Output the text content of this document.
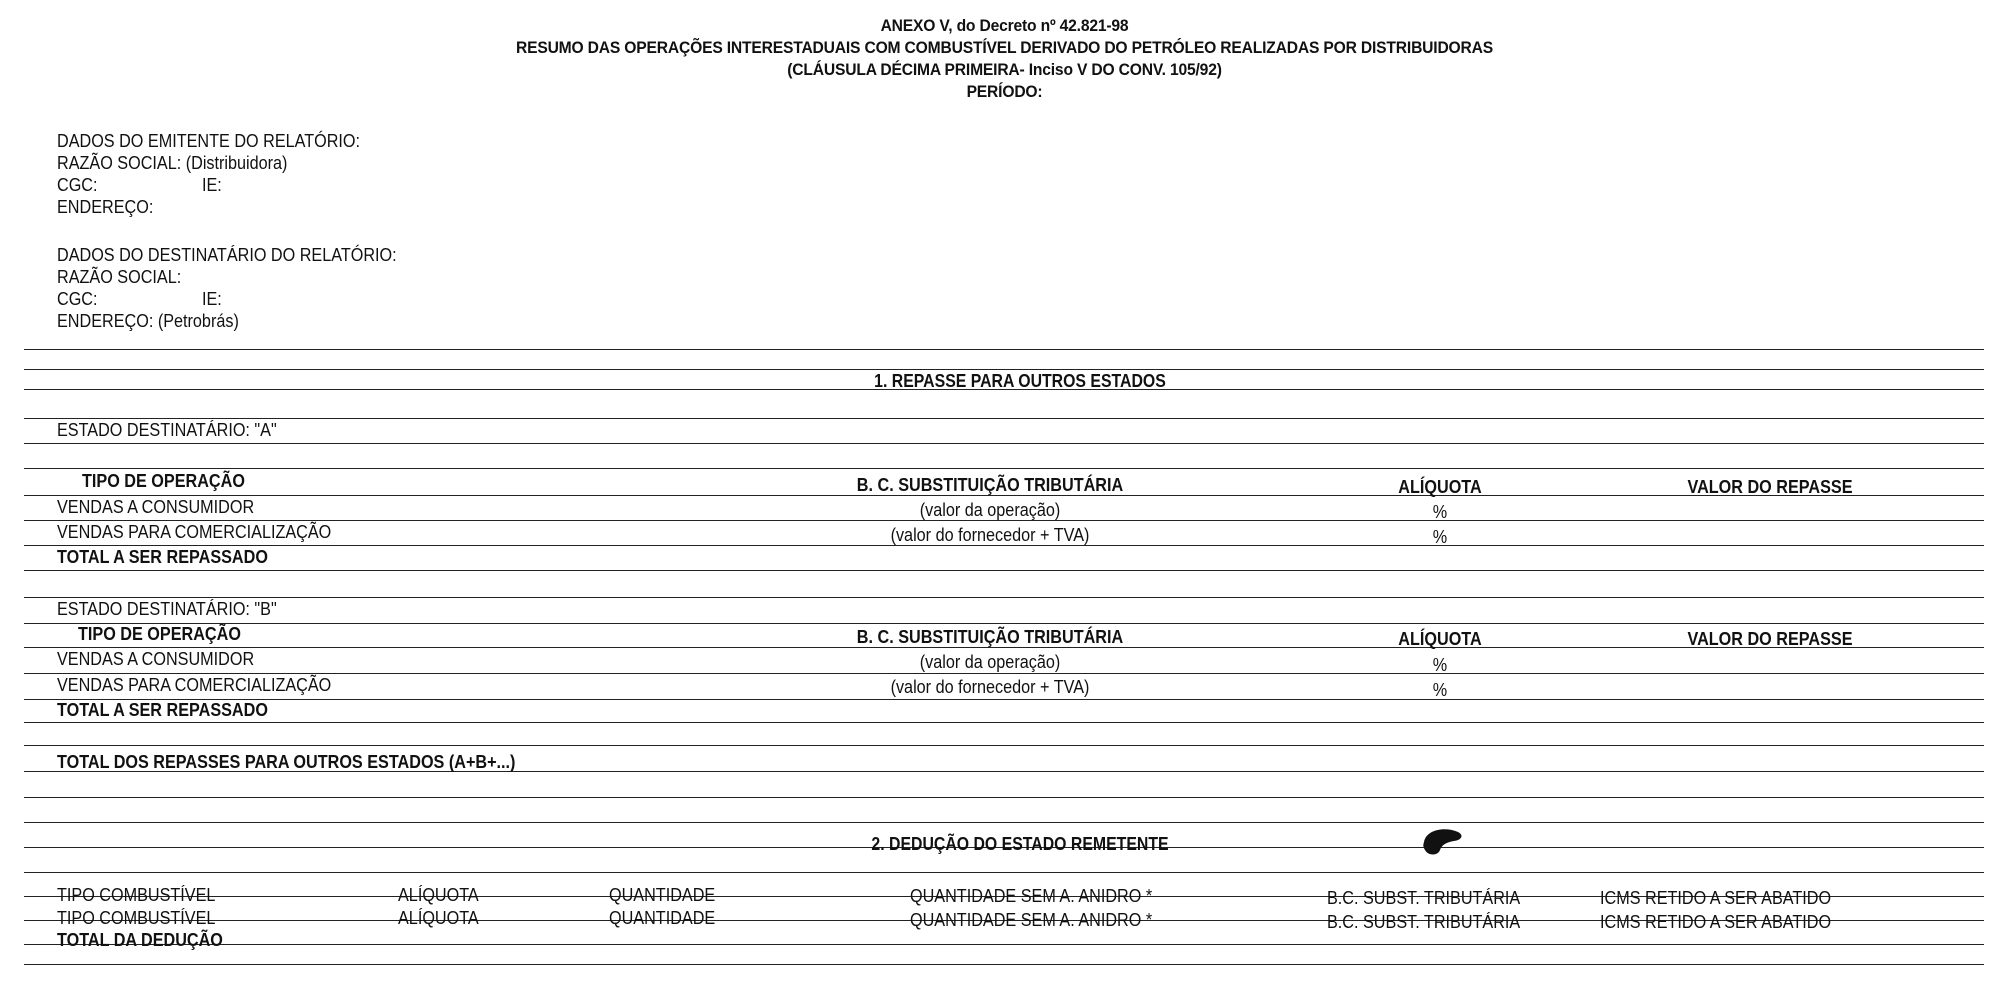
ANEXO V, do Decreto nº 42.821-98
RESUMO DAS OPERAÇÕES INTERESTADUAIS COM COMBUSTÍVEL DERIVADO DO PETRÓLEO REALIZADAS POR DISTRIBUIDORAS
(CLÁUSULA DÉCIMA PRIMEIRA- Inciso V DO CONV. 105/92)
PERÍODO:
DADOS DO EMITENTE DO RELATÓRIO:
RAZÃO SOCIAL: (Distribuidora)
CGC:	IE:
ENDEREÇO:
DADOS DO DESTINATÁRIO DO RELATÓRIO:
RAZÃO SOCIAL:
CGC:	IE:
ENDEREÇO: (Petrobrás)
1. REPASSE PARA OUTROS ESTADOS
ESTADO DESTINATÁRIO: "A"
TIPO DE OPERAÇÃO	B. C. SUBSTITUIÇÃO TRIBUTÁRIA	ALÍQUOTA	VALOR DO REPASSE
VENDAS A CONSUMIDOR	(valor da operação)	%
VENDAS PARA COMERCIALIZAÇÃO	(valor do fornecedor + TVA)	%
TOTAL A SER REPASSADO
ESTADO DESTINATÁRIO: "B"
TIPO DE OPERAÇÃO	B. C. SUBSTITUIÇÃO TRIBUTÁRIA	ALÍQUOTA	VALOR DO REPASSE
VENDAS A CONSUMIDOR	(valor da operação)	%
VENDAS PARA COMERCIALIZAÇÃO	(valor do fornecedor + TVA)	%
TOTAL A SER REPASSADO
TOTAL DOS REPASSES PARA OUTROS ESTADOS (A+B+...)
2. DEDUÇÃO DO ESTADO REMETENTE
TIPO COMBUSTÍVEL	ALÍQUOTA	QUANTIDADE	QUANTIDADE SEM A. ANIDRO *	B.C. SUBST. TRIBUTÁRIA	ICMS RETIDO A SER ABATIDO
TIPO COMBUSTÍVEL	ALÍQUOTA	QUANTIDADE	QUANTIDADE SEM A. ANIDRO *	B.C. SUBST. TRIBUTÁRIA	ICMS RETIDO A SER ABATIDO
TOTAL DA DEDUÇÃO
